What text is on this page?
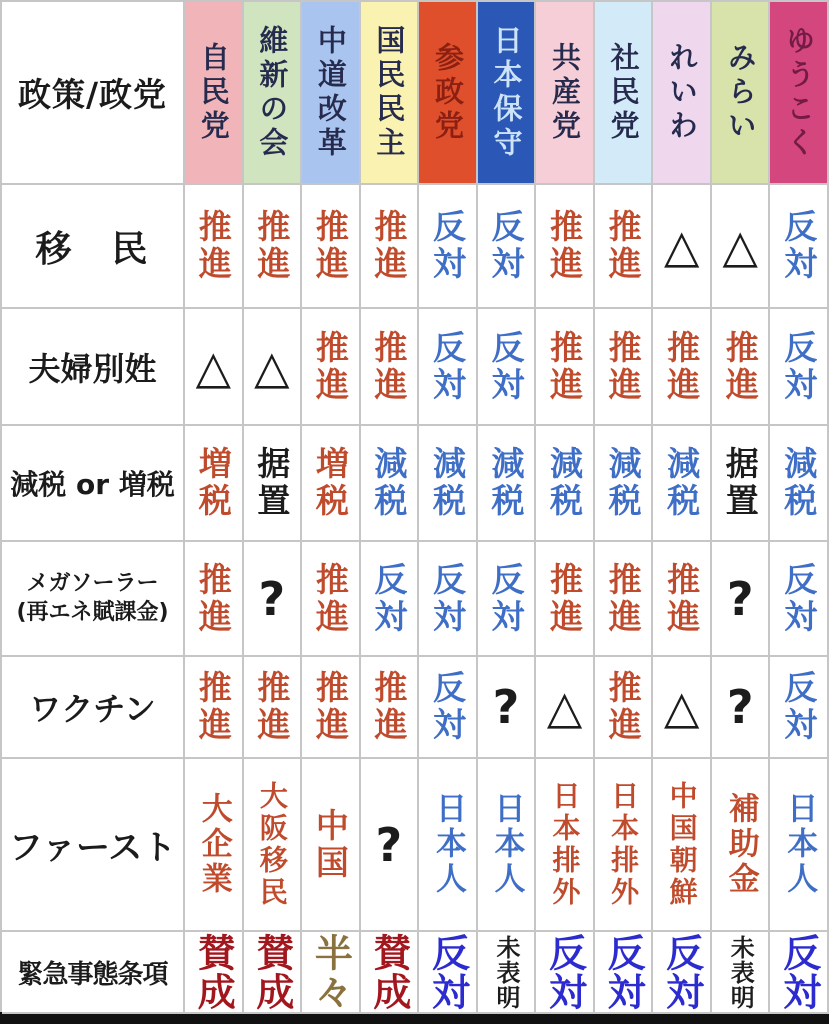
政策/政党	自民党 維新の会 中道改革 国民民主 参政党 日本保守 共産党 社民党 れいわ みらい ゆうこく
移　民	推進 推進 推進 推進 反対 反対 推進 推進 △ △ 反対
夫婦別姓 △ △ 推進 推進 反対 反対 推進 推進 推進 推進 反対
減税 or 増税 増税 据置 増税 減税 減税 減税 減税 減税 減税 据置 減税
メガソーラー
(再エネ賦課金) 推進 ? 推進 反対 反対 反対 推進 推進 推進 ? 反対
ワクチン	推進 推進 推進 推進 反対 ? △ 推進 △ ? 反対
ファースト 大企業 大阪移民 中国 ? 日本人 日本人 日本排外 日本排外 中国朝鮮 補助金 日本人
緊急事態条項 賛成 賛成 半々 賛成 反対 未表明 反対 反対 反対 未表明 反対
